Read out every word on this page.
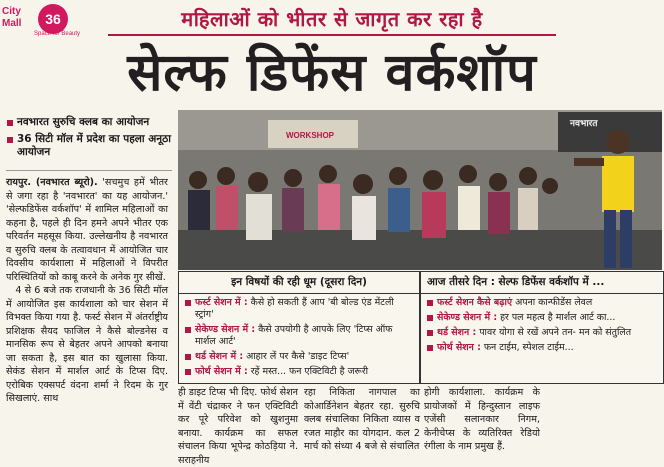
City
Mall	36
Space for Beauty
महिलाओं को भीतर से जागृत कर रहा है
सेल्फ डिफेंस वर्कशॉप
नवभारत सुरुचि क्लब का आयोजन
36 सिटी मॉल में प्रदेश का पहला अनूठा आयोजन
रायपुर. (नवभारत ब्यूरो). 'सचमुच हमें भीतर से जगा रहा है 'नवभारत' का यह आयोजन.' 'सेल्फडिफेंस वर्कशॉप' में शामिल महिलाओं का कहना है, पहले ही दिन हमने अपने भीतर एक परिवर्तन महसूस किया. उल्लेखनीय है नवभारत व सुरुचि क्लब के तत्वावधान में आयोजित चार दिवसीय कार्यशाला में महिलाओं ने विपरीत परिस्थितियों को काबू करने के अनेक गुर सीखें.
4 से 6 बजे तक राजधानी के 36 सिटी मॉल में आयोजित इस कार्यशाला को चार सेशन में विभक्त किया गया है. फर्स्ट सेशन में अंतर्राष्ट्रीय प्रशिक्षक सैयद फाजिल ने कैसे बोल्डनेस व मानसिक रूप से बेहतर अपने आपको बनाया जा सकता है, इस बात का खुलासा किया. सेकंड सेशन में मार्शल आर्ट के टिप्स दिए. एरोबिक एक्सपर्ट वंदना शर्मा ने रिदम के गुर सिखलाएं. साथ
नवभारत
WORKSHOP
इन विषयों की रही धूम (दूसरा दिन)
फर्स्ट सेशन में : कैसे हो सकती हैं आप 'बी बोल्ड एंड मेंटली स्ट्रांग'
सेकेण्ड सेशन में : कैसे उपयोगी है आपके लिए 'टिप्स ऑफ मार्शल आर्ट'
थर्ड सेशन में : आहार लें पर कैसे 'डाइट टिप्स'
फोर्थ सेशन में : रहें मस्त... फन एक्टिविटी है जरूरी
आज तीसरे दिन : सेल्फ डिफेंस वर्कशॉप में ...
फर्स्ट सेशन कैसे बढ़ाएं अपना कान्फीडेंस लेवल
सेकेण्ड सेशन में : हर पल महत्व है मार्शल आर्ट का...
थर्ड सेशन : पावर योगा से रखें अपने तन- मन को संतुलित
फोर्थ सेशन : फन टाईम, स्पेशल टाईम...
ही डाइट टिप्स भी दिए. फोर्थ सेशन में वेंटी चंद्राकर ने फन एक्टिविटी कर पूरे परिवेश को खुशनुमा बनाया. कार्यक्रम का सफल संचालन किया भूपेन्द्र कोठड़िया ने. सराहनीय
रहा निकिता नागपाल का कोआर्डिनेशन बेहतर रहा. सुरुचि क्लब संचालिका निकिता व्यास व रजत माहौर का योगदान. कल 2 मार्च को संध्या 4 बजे से संचालित
होगी कार्यशाला. कार्यक्रम के प्रायोजकों में हिन्दुस्तान लाइफ एजेंसी सलानकार निगम, केनीचेप्स के व्यतिरिक्त रेडियो रंगीला के नाम प्रमुख हैं.
